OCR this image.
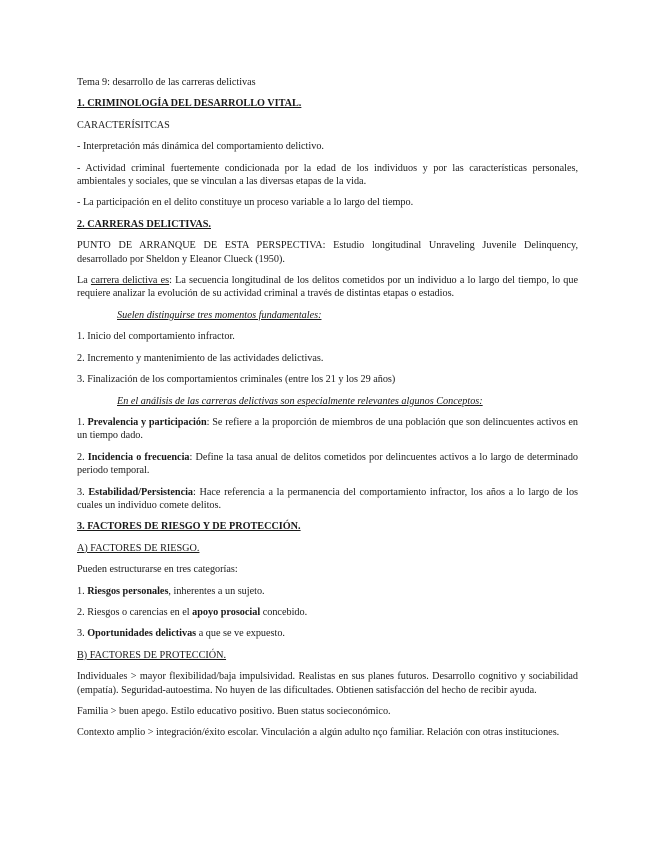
Tema 9: desarrollo de las carreras delictivas

1. CRIMINOLOGÍA DEL DESARROLLO VITAL.

CARACTERÍSITCAS

- Interpretación más dinámica del comportamiento delictivo.

- Actividad criminal fuertemente condicionada por la edad de los individuos y por las características personales, ambientales y sociales, que se vinculan a las diversas etapas de la vida.

- La participación en el delito constituye un proceso variable a lo largo del tiempo.

2. CARRERAS DELICTIVAS.

PUNTO DE ARRANQUE DE ESTA PERSPECTIVA: Estudio longitudinal Unraveling Juvenile Delinquency, desarrollado por Sheldon y Eleanor Clueck (1950).

La carrera delictiva es: La secuencia longitudinal de los delitos cometidos por un individuo a lo largo del tiempo, lo que requiere analizar la evolución de su actividad criminal a través de distintas etapas o estadios.

Suelen distinguirse tres momentos fundamentales:

1. Inicio del comportamiento infractor.

2. Incremento y mantenimiento de las actividades delictivas.

3. Finalización de los comportamientos criminales (entre los 21 y los 29 años)

En el análisis de las carreras delictivas son especialmente relevantes algunos Conceptos:

1. Prevalencia y participación: Se refiere a la proporción de miembros de una población que son delincuentes activos en un tiempo dado.

2. Incidencia o frecuencia: Define la tasa anual de delitos cometidos por delincuentes activos a lo largo de determinado periodo temporal.

3. Estabilidad/Persistencia: Hace referencia a la permanencia del comportamiento infractor, los años a lo largo de los cuales un individuo comete delitos.

3. FACTORES DE RIESGO Y DE PROTECCIÓN.

A) FACTORES DE RIESGO.

Pueden estructurarse en tres categorías:

1. Riesgos personales, inherentes a un sujeto.

2. Riesgos o carencias en el apoyo prosocial concebido.

3. Oportunidades delictivas a que se ve expuesto.

B) FACTORES DE PROTECCIÓN.

Individuales > mayor flexibilidad/baja impulsividad. Realistas en sus planes futuros. Desarrollo cognitivo y sociabilidad (empatía). Seguridad-autoestima. No huyen de las dificultades. Obtienen satisfacción del hecho de recibir ayuda.

Familia > buen apego. Estilo educativo positivo. Buen status socieconómico.

Contexto amplio > integración/éxito escolar. Vinculación a algún adulto nço familiar. Relación con otras instituciones.
